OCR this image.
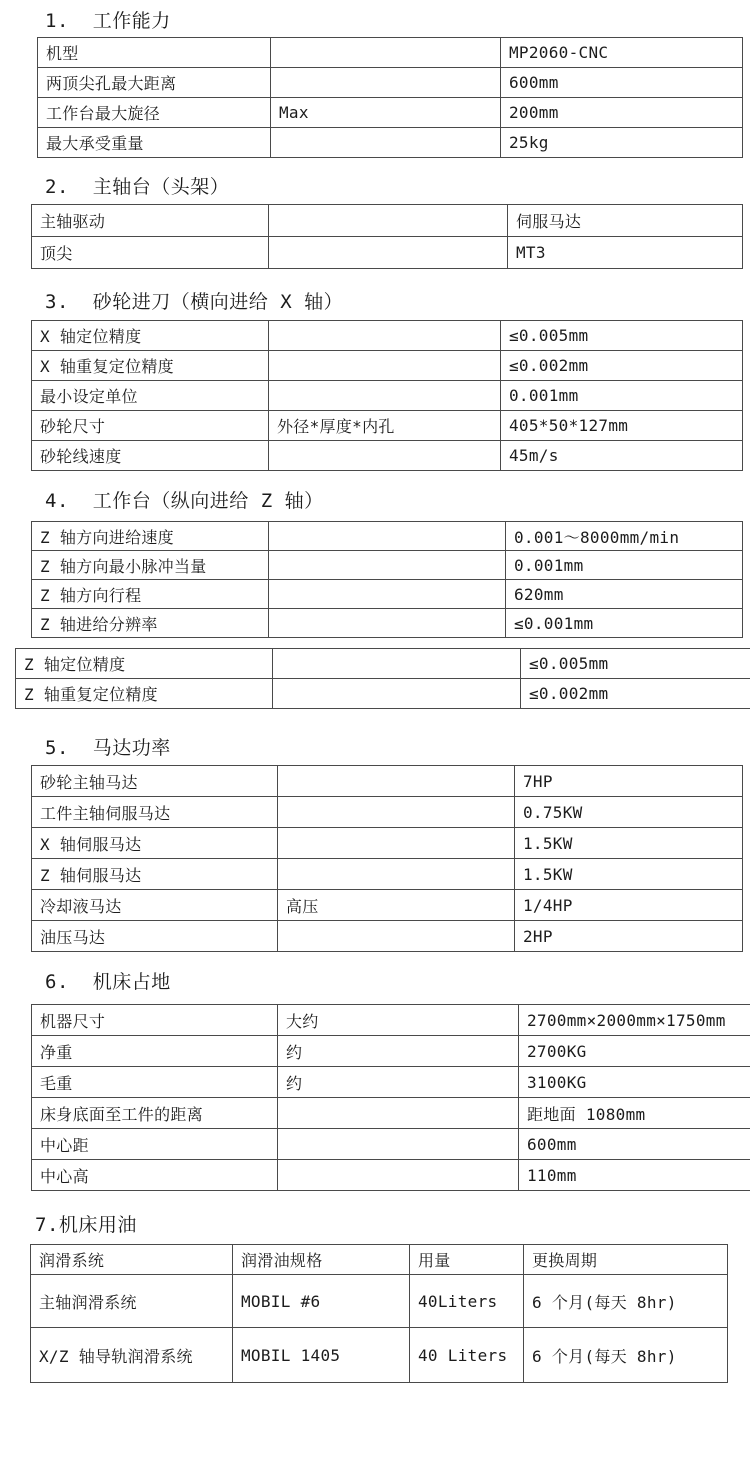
1.  工作能力
机型		MP2060-CNC
两顶尖孔最大距离		600mm
工作台最大旋径	Max	200mm
最大承受重量		25kg
2.  主轴台（头架）
主轴驱动		伺服马达
顶尖		MT3
3.  砂轮进刀（横向进给 X 轴）
X 轴定位精度		≤0.005mm
X 轴重复定位精度		≤0.002mm
最小设定单位		0.001mm
砂轮尺寸	外径*厚度*内孔	405*50*127mm
砂轮线速度		45m/s
4.  工作台（纵向进给 Z 轴）
Z 轴方向进给速度		0.001～8000mm/min
Z 轴方向最小脉冲当量		0.001mm
Z 轴方向行程		620mm
Z 轴进给分辨率		≤0.001mm
Z 轴定位精度		≤0.005mm
Z 轴重复定位精度		≤0.002mm
5.  马达功率
砂轮主轴马达		7HP
工件主轴伺服马达		0.75KW
X 轴伺服马达		1.5KW
Z 轴伺服马达		1.5KW
冷却液马达	高压	1/4HP
油压马达		2HP
6.  机床占地
机器尺寸	大约	2700mm×2000mm×1750mm
净重	约	2700KG
毛重	约	3100KG
床身底面至工件的距离		距地面 1080mm
中心距		600mm
中心高		110mm
7.机床用油
润滑系统	润滑油规格	用量	更换周期
主轴润滑系统	MOBIL #6	40Liters	6 个月(每天 8hr)
X/Z 轴导轨润滑系统	MOBIL 1405	40 Liters	6 个月(每天 8hr)
